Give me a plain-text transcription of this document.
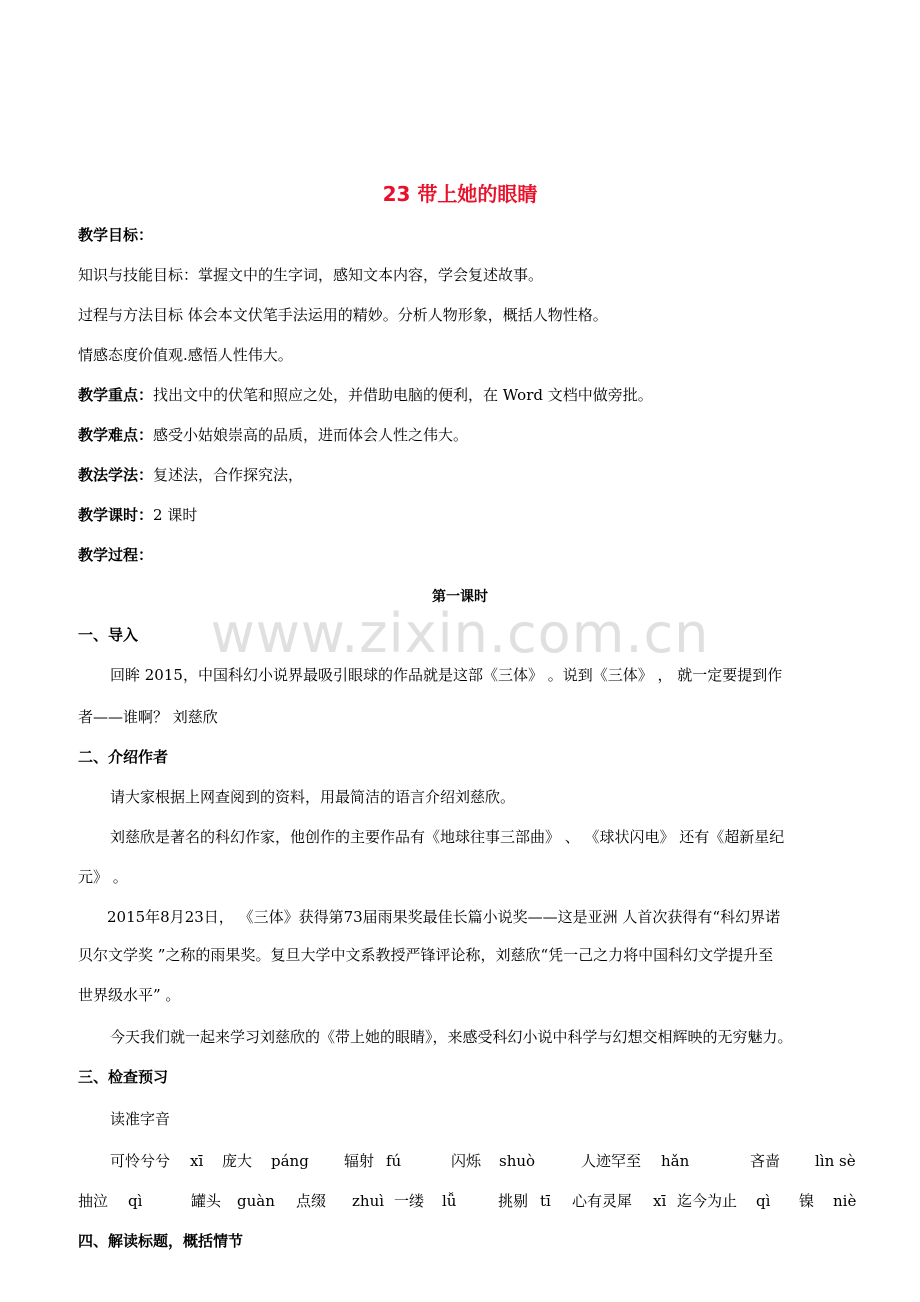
23 带上她的眼睛
教学目标：
知识与技能目标：掌握文中的生字词，感知文本内容，学会复述故事。
过程与方法目标 体会本文伏笔手法运用的精妙。分析人物形象，概括人物性格。
情感态度价值观.感悟人性伟大。
教学重点：找出文中的伏笔和照应之处，并借助电脑的便利，在 Word 文档中做旁批。
教学难点：感受小姑娘崇高的品质，进而体会人性之伟大。
教法学法：复述法，合作探究法，
教学课时：2 课时
教学过程：
第一课时
www.zixin.com.cn
一、导入
回眸 2015，中国科幻小说界最吸引眼球的作品就是这部《三体》 。说到《三体》 ， 就一定要提到作
者——谁啊？ 刘慈欣
二、介绍作者
请大家根据上网查阅到的资料，用最简洁的语言介绍刘慈欣。
刘慈欣是著名的科幻作家，他创作的主要作品有《地球往事三部曲》 、 《球状闪电》 还有《超新星纪
元》 。
2015年8月23日， 《三体》获得第73届雨果奖最佳长篇小说奖——这是亚洲 人首次获得有“科幻界诺
贝尔文学奖 ”之称的雨果奖。复旦大学中文系教授严锋评论称，刘慈欣“凭一己之力将中国科幻文学提升至
世界级水平” 。
今天我们就一起来学习刘慈欣的《带上她的眼睛》，来感受科幻小说中科学与幻想交相辉映的无穷魅力。
三、检查预习
读准字音
可怜兮兮 xī 庞大 páng 辐射 fú	闪烁 shuò	人迹罕至 hǎn	吝啬 lìn sè
抽泣 qì	罐头 guàn 点缀 zhuì 一缕 lǚ	挑剔 tī 心有灵犀 xī 迄今为止 qì 镍 niè
四、解读标题，概括情节
